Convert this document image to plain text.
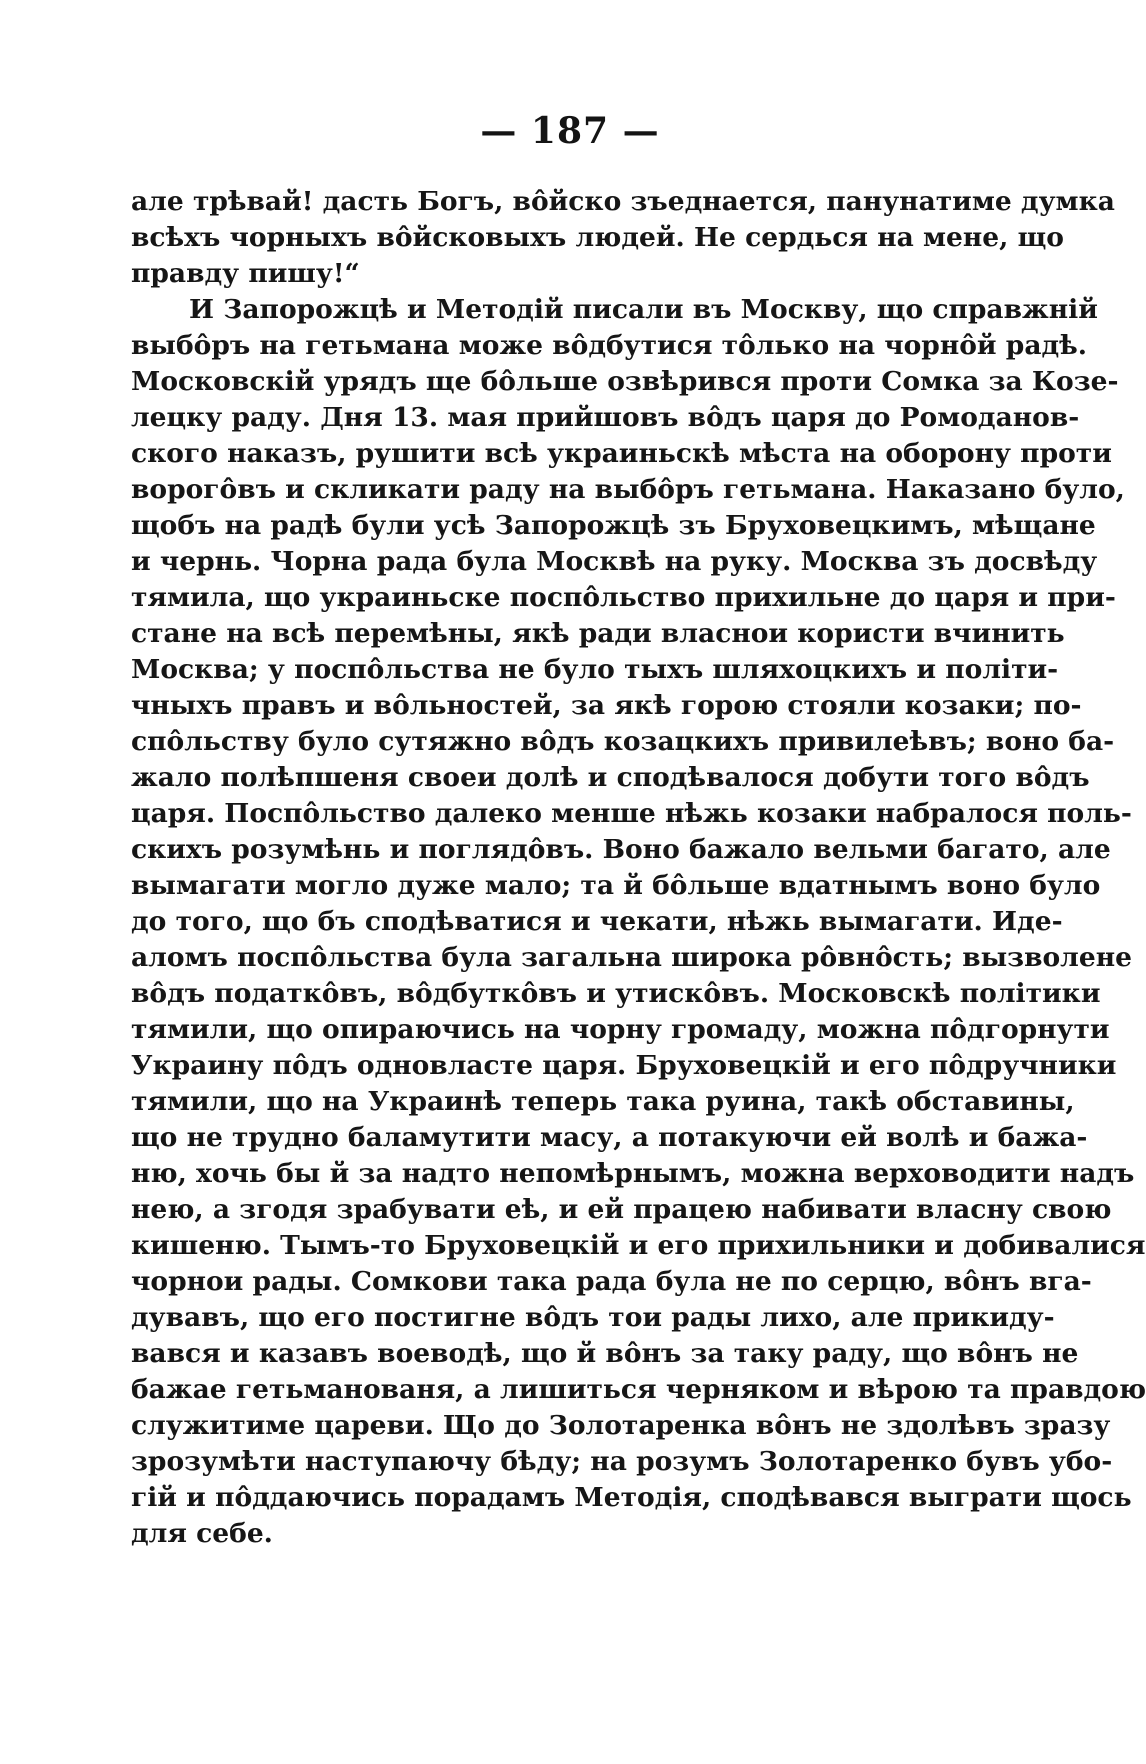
— 187 —
але трѣвай! дасть Богъ, вôйско зъеднается, панунатиме думка
всѣхъ чорныхъ вôйсковыхъ людей. Не сердься на мене, що
правду пишу!“
И Запорожцѣ и Методій писали въ Москву, що справжній
выбôръ на гетьмана може вôдбутися тôлько на чорнôй радѣ.
Московскій урядъ ще бôльше озвѣрився проти Сомка за Козе-
лецку раду. Дня 13. мая прийшовъ вôдъ царя до Ромоданов-
ского наказъ, рушити всѣ украиньскѣ мѣста на оборону проти
ворогôвъ и скликати раду на выбôръ гетьмана. Наказано було,
щобъ на радѣ були усѣ Запорожцѣ зъ Бруховецкимъ, мѣщане
и чернь. Чорна рада була Москвѣ на руку. Москва зъ досвѣду
тямила, що украиньске поспôльство прихильне до царя и при-
стане на всѣ перемѣны, якѣ ради власнои користи вчинить
Москва; у поспôльства не було тыхъ шляхоцкихъ и політи-
чныхъ правъ и вôльностей, за якѣ горою стояли козаки; по-
спôльству було сутяжно вôдъ козацкихъ привилеѣвъ; воно ба-
жало полѣпшеня своеи долѣ и сподѣвалося добути того вôдъ
царя. Поспôльство далеко менше нѣжь козаки набралося поль-
скихъ розумѣнь и поглядôвъ. Воно бажало вельми багато, але
вымагати могло дуже мало; та й бôльше вдатнымъ воно було
до того, що бъ сподѣватися и чекати, нѣжь вымагати. Иде-
аломъ поспôльства була загальна широка рôвнôсть; вызволене
вôдъ податкôвъ, вôдбуткôвъ и утискôвъ. Московскѣ політики
тямили, що опираючись на чорну громаду, можна пôдгорнути
Украину пôдъ одновласте царя. Бруховецкій и его пôдручники
тямили, що на Украинѣ теперь така руина, такѣ обставины,
що не трудно баламутити масу, а потакуючи ей волѣ и бажа-
ню, хочь бы й за надто непомѣрнымъ, можна верховодити надъ
нею, а згодя зрабувати еѣ, и ей працею набивати власну свою
кишеню. Тымъ-то Бруховецкій и его прихильники и добивалися
чорнои рады. Сомкови така рада була не по серцю, вôнъ вга-
дувавъ, що его постигне вôдъ тои рады лихо, але прикиду-
вався и казавъ воеводѣ, що й вôнъ за таку раду, що вôнъ не
бажае гетьманованя, а лишиться черняком и вѣрою та правдою
служитиме цареви. Що до Золотаренка вôнъ не здолѣвъ зразу
зрозумѣти наступаючу бѣду; на розумъ Золотаренко бувъ убо-
гій и пôддаючись порадамъ Методія, сподѣвався выграти щось
для себе.
